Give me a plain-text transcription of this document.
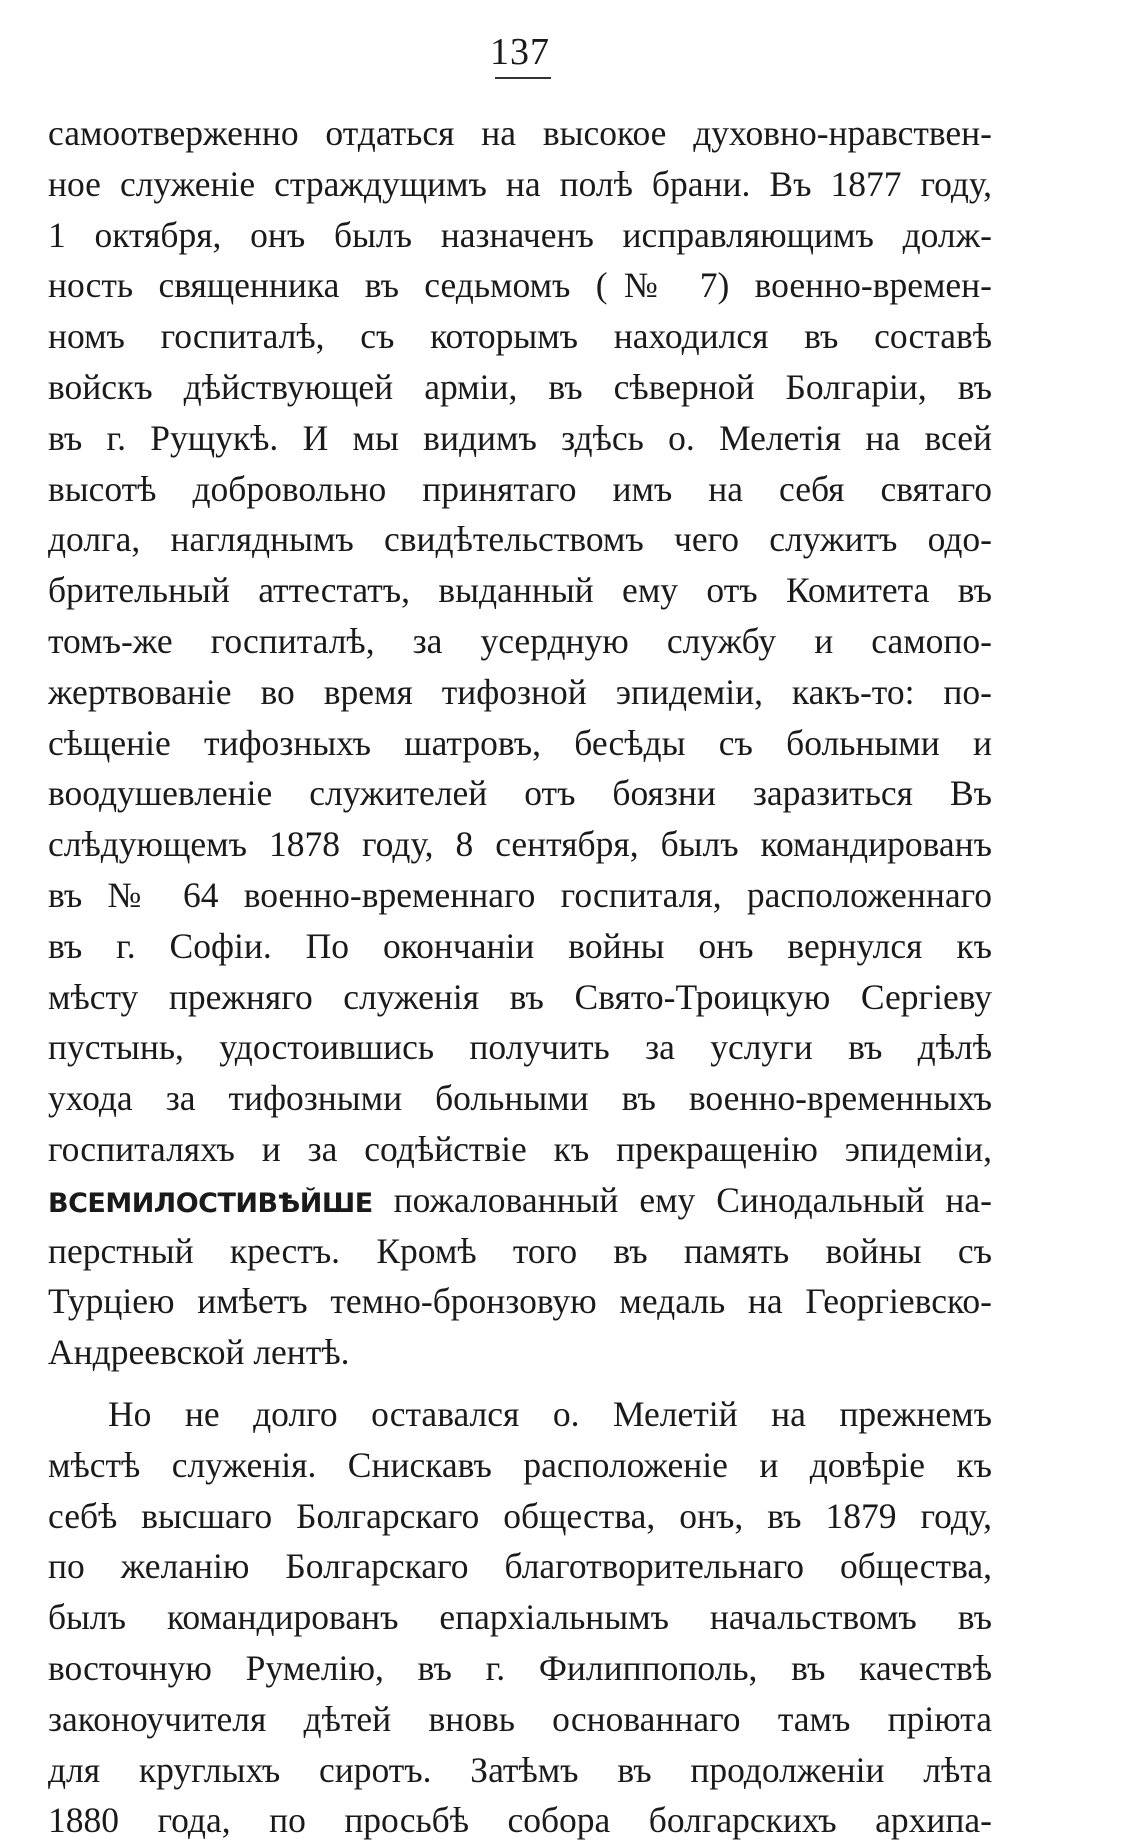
137
самоотверженно отдаться на высокое духовно-нравствен-
ное служеніе страждущимъ на полѣ брани. Въ 1877 году,
1 октября, онъ былъ назначенъ исправляющимъ долж-
ность священника въ седьмомъ (№ 7) военно-времен-
номъ госпиталѣ, съ которымъ находился въ составѣ
войскъ дѣйствующей арміи, въ сѣверной Болгаріи, въ
въ г. Рущукѣ. И мы видимъ здѣсь о. Мелетія на всей
высотѣ добровольно принятаго имъ на себя святаго
долга, нагляднымъ свидѣтельствомъ чего служитъ одо-
брительный аттестатъ, выданный ему отъ Комитета въ
томъ-же госпиталѣ, за усердную службу и самопо-
жертвованіе во время тифозной эпидеміи, какъ-то: по-
сѣщеніе тифозныхъ шатровъ, бесѣды съ больными и
воодушевленіе служителей отъ боязни заразиться Въ
слѣдующемъ 1878 году, 8 сентября, былъ командированъ
въ № 64 военно-временнаго госпиталя, расположеннаго
въ г. Софіи. По окончаніи войны онъ вернулся къ
мѣсту прежняго служенія въ Свято-Троицкую Сергіеву
пустынь, удостоившись получить за услуги въ дѣлѣ
ухода за тифозными больными въ военно-временныхъ
госпиталяхъ и за содѣйствіе къ прекращенію эпидеміи,
ВСЕМИЛОСТИВѢЙШЕ пожалованный ему Синодальный на-
перстный крестъ. Кромѣ того въ память войны съ
Турціею имѣетъ темно-бронзовую медаль на Георгіевско-
Андреевской лентѣ.
Но не долго оставался о. Мелетій на прежнемъ
мѣстѣ служенія. Снискавъ расположеніе и довѣріе къ
себѣ высшаго Болгарскаго общества, онъ, въ 1879 году,
по желанію Болгарскаго благотворительнаго общества,
былъ командированъ епархіальнымъ начальствомъ въ
восточную Румелію, въ г. Филиппополь, въ качествѣ
законоучителя дѣтей вновь основаннаго тамъ пріюта
для круглыхъ сиротъ. Затѣмъ въ продолженіи лѣта
1880 года, по просьбѣ собора болгарскихъ архипа-
